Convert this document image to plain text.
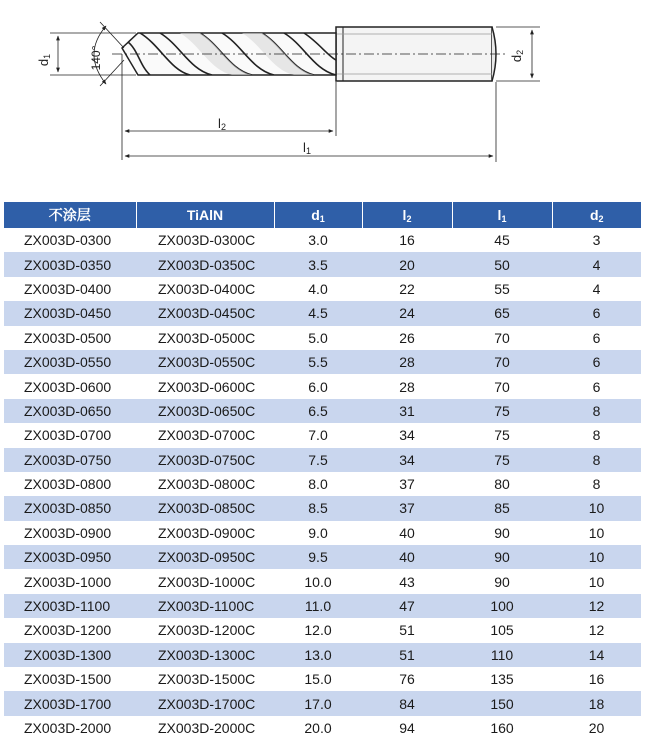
d1	140°	d2
l2
l1
不涂层	TiAlN	$d_1$	$l_2$	$l_1$	$d_2$
ZX003D-0300	ZX003D-0300C	3.0	16	45	3
ZX003D-0350	ZX003D-0350C	3.5	20	50	4
ZX003D-0400	ZX003D-0400C	4.0	22	55	4
ZX003D-0450	ZX003D-0450C	4.5	24	65	6
ZX003D-0500	ZX003D-0500C	5.0	26	70	6
ZX003D-0550	ZX003D-0550C	5.5	28	70	6
ZX003D-0600	ZX003D-0600C	6.0	28	70	6
ZX003D-0650	ZX003D-0650C	6.5	31	75	8
ZX003D-0700	ZX003D-0700C	7.0	34	75	8
ZX003D-0750	ZX003D-0750C	7.5	34	75	8
ZX003D-0800	ZX003D-0800C	8.0	37	80	8
ZX003D-0850	ZX003D-0850C	8.5	37	85	10
ZX003D-0900	ZX003D-0900C	9.0	40	90	10
ZX003D-0950	ZX003D-0950C	9.5	40	90	10
ZX003D-1000	ZX003D-1000C	10.0	43	90	10
ZX003D-1100	ZX003D-1100C	11.0	47	100	12
ZX003D-1200	ZX003D-1200C	12.0	51	105	12
ZX003D-1300	ZX003D-1300C	13.0	51	110	14
ZX003D-1500	ZX003D-1500C	15.0	76	135	16
ZX003D-1700	ZX003D-1700C	17.0	84	150	18
ZX003D-2000	ZX003D-2000C	20.0	94	160	20
